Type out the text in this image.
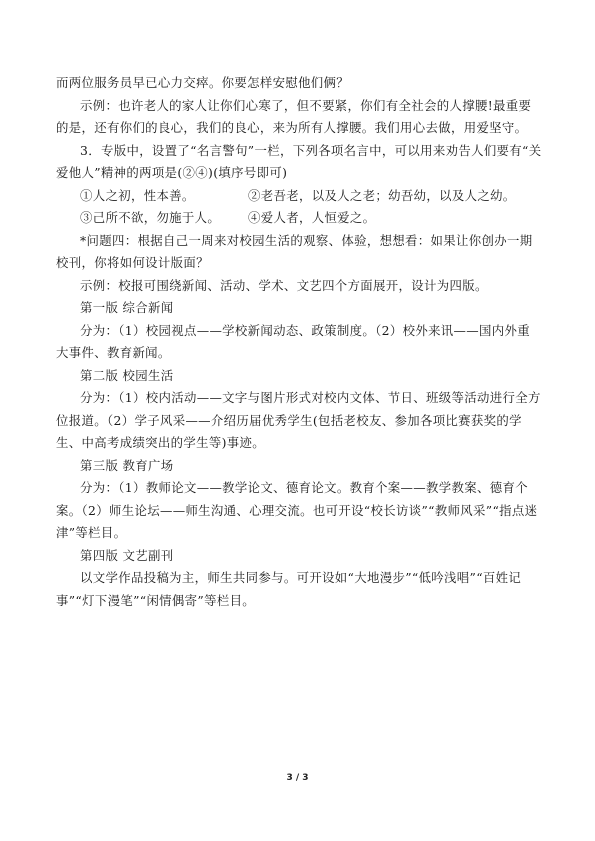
而两位服务员早已心力交瘁。你要怎样安慰他们俩？

示例：也许老人的家人让你们心寒了，但不要紧，你们有全社会的人撑腰!最重要的是，还有你们的良心，我们的良心，来为所有人撑腰。我们用心去做，用爱坚守。

3．专版中，设置了“名言警句”一栏，下列各项名言中，可以用来劝告人们要有“关爱他人”精神的两项是(②④)(填序号即可)

①人之初，性本善。	②老吾老，以及人之老；幼吾幼，以及人之幼。
③己所不欲，勿施于人。	④爱人者，人恒爱之。

*问题四：根据自己一周来对校园生活的观察、体验，想想看：如果让你创办一期校刊，你将如何设计版面？

示例：校报可围绕新闻、活动、学术、文艺四个方面展开，设计为四版。

第一版 综合新闻

分为：（1）校园视点——学校新闻动态、政策制度。（2）校外来讯——国内外重大事件、教育新闻。

第二版 校园生活

分为：（1）校内活动——文字与图片形式对校内文体、节日、班级等活动进行全方位报道。（2）学子风采——介绍历届优秀学生(包括老校友、参加各项比赛获奖的学生、中高考成绩突出的学生等)事迹。

第三版 教育广场

分为：（1）教师论文——教学论文、德育论文。教育个案——教学教案、德育个案。（2）师生论坛——师生沟通、心理交流。也可开设“校长访谈”“教师风采”“指点迷津”等栏目。

第四版 文艺副刊

以文学作品投稿为主，师生共同参与。可开设如“大地漫步”“低吟浅唱”“百姓记事”“灯下漫笔”“闲情偶寄”等栏目。

3 / 3
